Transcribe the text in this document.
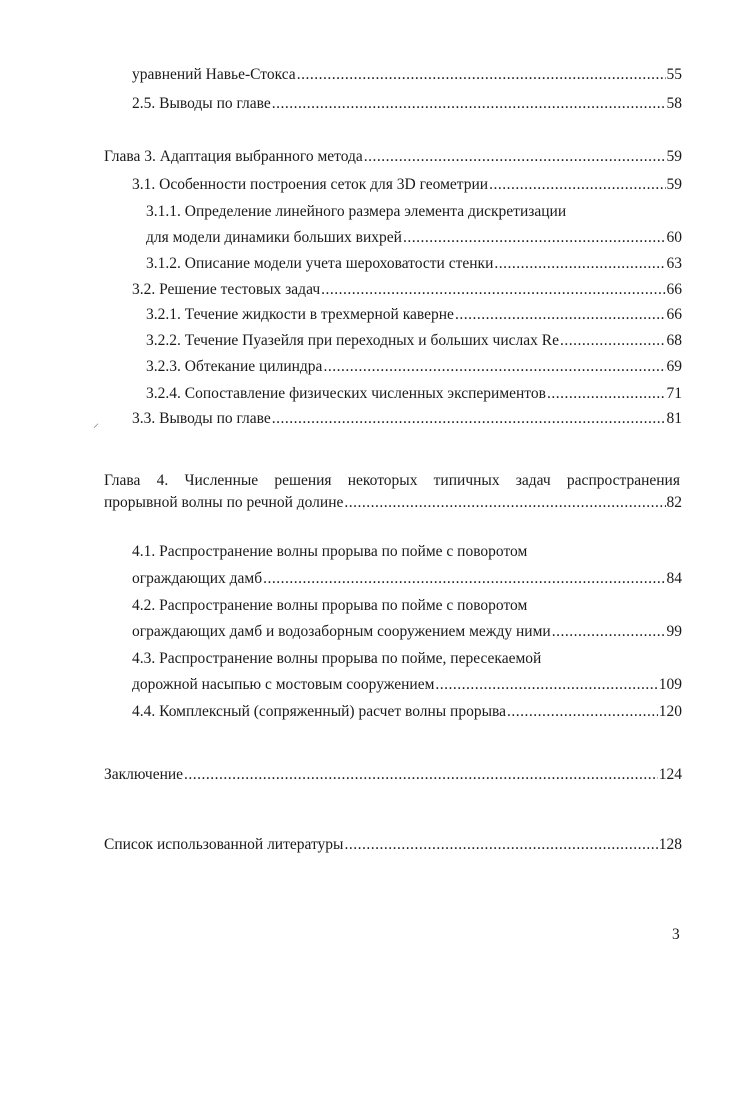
уравнений Навье-Стокса .....	55
2.5. Выводы по главе .....	58
Глава 3. Адаптация выбранного метода .....	59
3.1. Особенности построения сеток для 3D геометрии .....	59
3.1.1. Определение линейного размера элемента дискретизации
для модели динамики больших вихрей .....	60
3.1.2. Описание модели учета шероховатости стенки .....	63
3.2. Решение тестовых задач .....	66
3.2.1. Течение жидкости в трехмерной каверне .....	66
3.2.2. Течение Пуазейля при переходных и больших числах Re .....	68
3.2.3. Обтекание цилиндра .....	69
3.2.4. Сопоставление физических численных экспериментов .....	71
⸝ 3.3. Выводы по главе .....	81
Глава 4. Численные решения некоторых типичных задач распространения
прорывной волны по речной долине .....	82
4.1. Распространение волны прорыва по пойме с поворотом
ограждающих дамб .....	84
4.2. Распространение волны прорыва по пойме с поворотом
ограждающих дамб и водозаборным сооружением между ними .....	99
4.3. Распространение волны прорыва по пойме, пересекаемой
дорожной насыпью с мостовым сооружением .....	109
4.4. Комплексный (сопряженный) расчет волны прорыва .....	120
Заключение .....	124
Список использованной литературы .....	128
3
